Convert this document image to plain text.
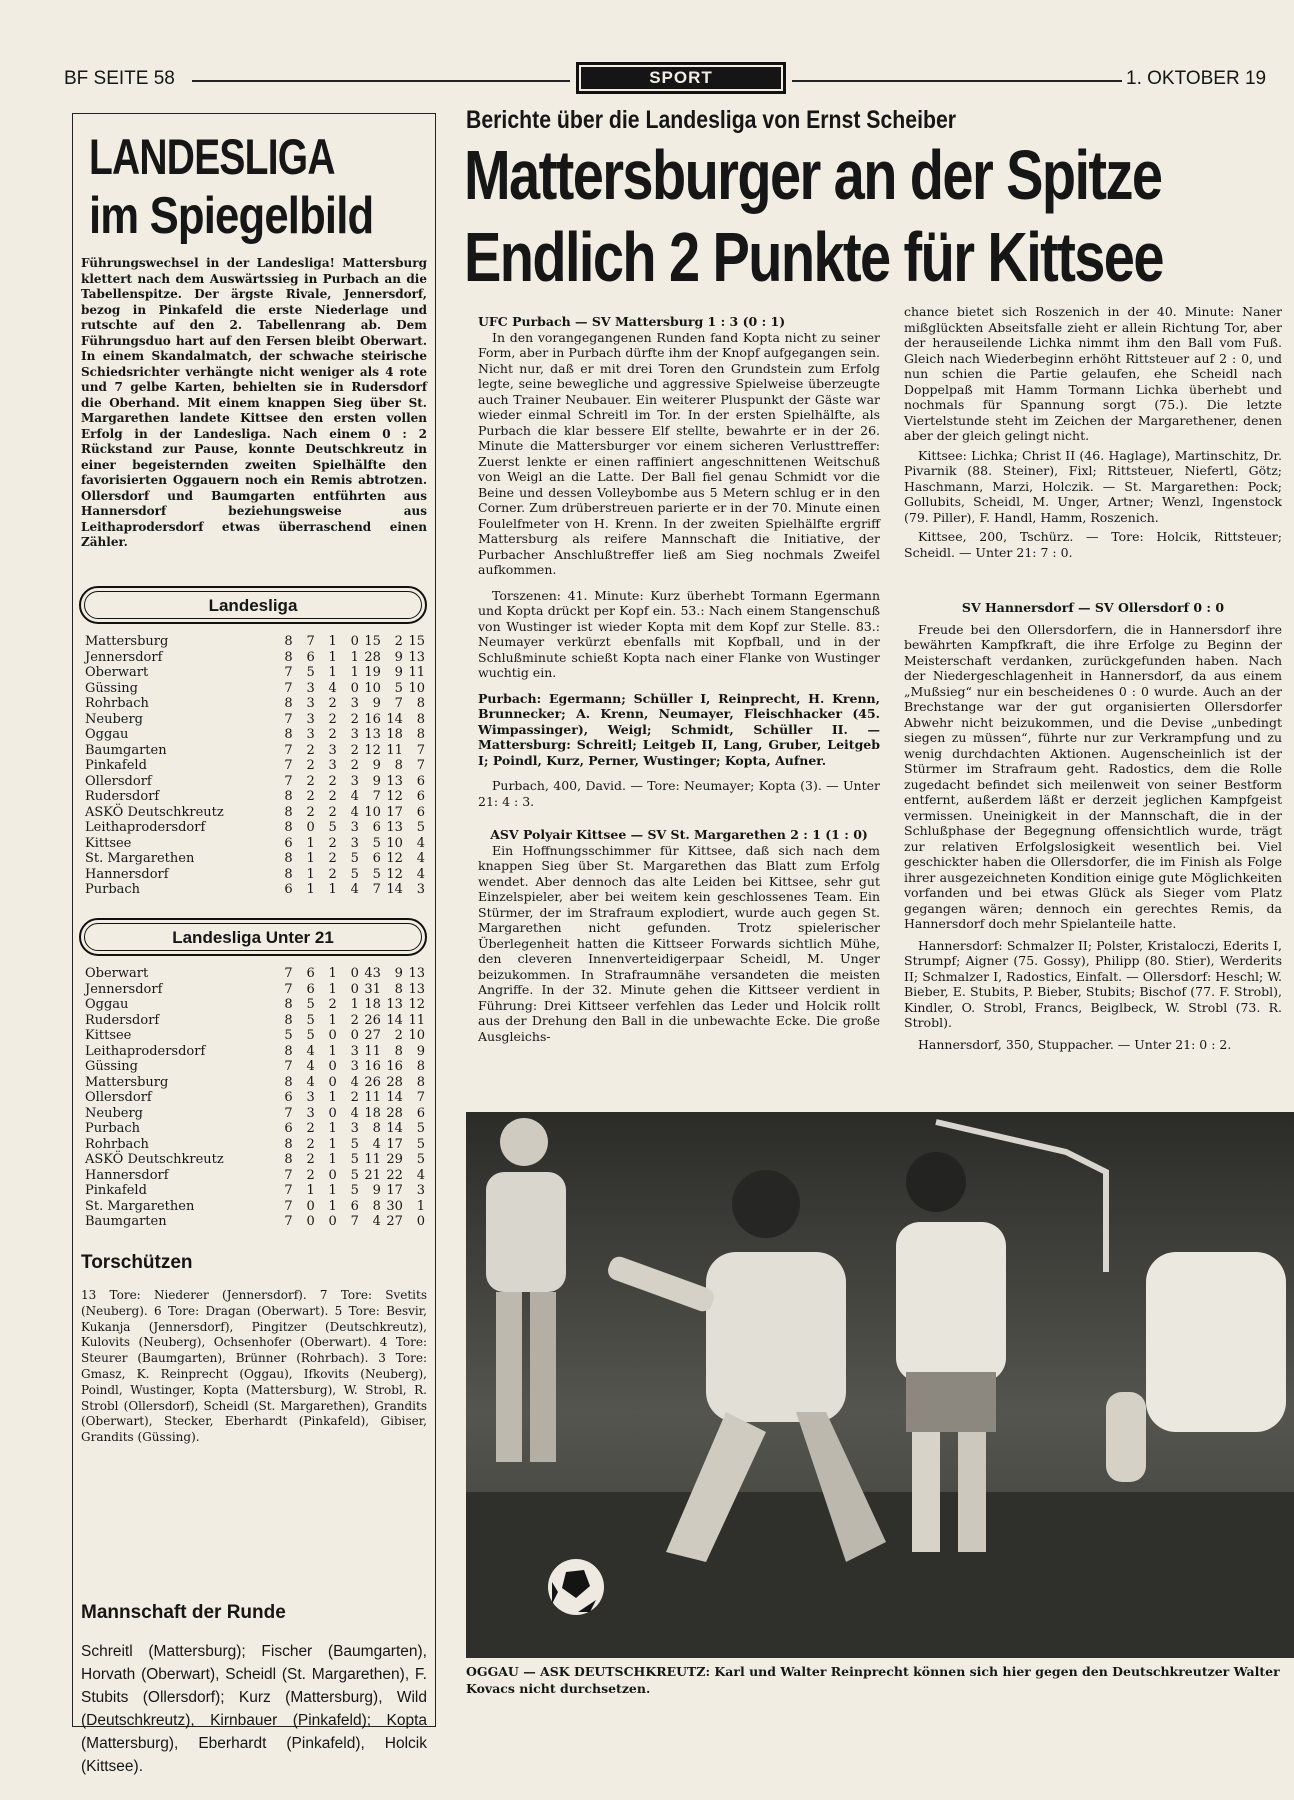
BF SEITE 58	SPORT	1. OKTOBER 19
LANDESLIGA
im Spiegelbild
Führungswechsel in der Landesliga! Mattersburg klettert nach dem Auswärtssieg in Purbach an die Tabellenspitze. Der ärgste Rivale, Jennersdorf, bezog in Pinkafeld die erste Niederlage und rutschte auf den 2. Tabellenrang ab. Dem Führungsduo hart auf den Fersen bleibt Oberwart. In einem Skandalmatch, der schwache steirische Schiedsrichter verhängte nicht weniger als 4 rote und 7 gelbe Karten, behielten sie in Rudersdorf die Oberhand. Mit einem knappen Sieg über St. Margarethen landete Kittsee den ersten vollen Erfolg in der Landesliga. Nach einem 0 : 2 Rückstand zur Pause, konnte Deutschkreutz in einer begeisternden zweiten Spielhälfte den favorisierten Oggauern noch ein Remis abtrotzen. Ollersdorf und Baumgarten entführten aus Hannersdorf beziehungsweise aus Leithaprodersdorf etwas überraschend einen Zähler.
Landesliga
Mattersburg	8	7	1	0	15	2	15
Jennersdorf	8	6	1	1	28	9	13
Oberwart	7	5	1	1	19	9	11
Güssing	7	3	4	0	10	5	10
Rohrbach	8	3	2	3	9	7	8
Neuberg	7	3	2	2	16	14	8
Oggau	8	3	2	3	13	18	8
Baumgarten	7	2	3	2	12	11	7
Pinkafeld	7	2	3	2	9	8	7
Ollersdorf	7	2	2	3	9	13	6
Rudersdorf	8	2	2	4	7	12	6
ASKÖ Deutschkreutz	8	2	2	4	10	17	6
Leithaprodersdorf	8	0	5	3	6	13	5
Kittsee	6	1	2	3	5	10	4
St. Margarethen	8	1	2	5	6	12	4
Hannersdorf	8	1	2	5	5	12	4
Purbach	6	1	1	4	7	14	3
Landesliga Unter 21
Oberwart	7	6	1	0	43	9	13
Jennersdorf	7	6	1	0	31	8	13
Oggau	8	5	2	1	18	13	12
Rudersdorf	8	5	1	2	26	14	11
Kittsee	5	5	0	0	27	2	10
Leithaprodersdorf	8	4	1	3	11	8	9
Güssing	7	4	0	3	16	16	8
Mattersburg	8	4	0	4	26	28	8
Ollersdorf	6	3	1	2	11	14	7
Neuberg	7	3	0	4	18	28	6
Purbach	6	2	1	3	8	14	5
Rohrbach	8	2	1	5	4	17	5
ASKÖ Deutschkreutz	8	2	1	5	11	29	5
Hannersdorf	7	2	0	5	21	22	4
Pinkafeld	7	1	1	5	9	17	3
St. Margarethen	7	0	1	6	8	30	1
Baumgarten	7	0	0	7	4	27	0
Torschützen
13 Tore: Niederer (Jennersdorf). 7 Tore: Svetits (Neuberg). 6 Tore: Dragan (Oberwart). 5 Tore: Besvir, Kukanja (Jennersdorf), Pingitzer (Deutschkreutz), Kulovits (Neuberg), Ochsenhofer (Oberwart). 4 Tore: Steurer (Baumgarten), Brünner (Rohrbach). 3 Tore: Gmasz, K. Reinprecht (Oggau), Ifkovits (Neuberg), Poindl, Wustinger, Kopta (Mattersburg), W. Strobl, R. Strobl (Ollersdorf), Scheidl (St. Margarethen), Grandits (Oberwart), Stecker, Eberhardt (Pinkafeld), Gibiser, Grandits (Güssing).
Mannschaft der Runde
Schreitl (Mattersburg); Fischer (Baumgarten), Horvath (Oberwart), Scheidl (St. Margarethen), F. Stubits (Ollersdorf); Kurz (Mattersburg), Wild (Deutschkreutz), Kirnbauer (Pinkafeld); Kopta (Mattersburg), Eberhardt (Pinkafeld), Holcik (Kittsee).
Berichte über die Landesliga von Ernst Scheiber
Mattersburger an der Spitze
Endlich 2 Punkte für Kittsee

UFC Purbach — SV Mattersburg 1 : 3 (0 : 1)

In den vorangegangenen Runden fand Kopta nicht zu seiner Form, aber in Purbach dürfte ihm der Knopf aufgegangen sein. Nicht nur, daß er mit drei Toren den Grundstein zum Erfolg legte, seine bewegliche und aggressive Spielweise überzeugte auch Trainer Neubauer. Ein weiterer Pluspunkt der Gäste war wieder einmal Schreitl im Tor. In der ersten Spielhälfte, als Purbach die klar bessere Elf stellte, bewahrte er in der 26. Minute die Mattersburger vor einem sicheren Verlusttreffer: Zuerst lenkte er einen raffiniert angeschnittenen Weitschuß von Weigl an die Latte. Der Ball fiel genau Schmidt vor die Beine und dessen Volleybombe aus 5 Metern schlug er in den Corner. Zum drüberstreuen parierte er in der 70. Minute einen Foulelfmeter von H. Krenn. In der zweiten Spielhälfte ergriff Mattersburg als reifere Mannschaft die Initiative, der Purbacher Anschlußtreffer ließ am Sieg nochmals Zweifel aufkommen.

Torszenen: 41. Minute: Kurz überhebt Tormann Egermann und Kopta drückt per Kopf ein. 53.: Nach einem Stangenschuß von Wustinger ist wieder Kopta mit dem Kopf zur Stelle. 83.: Neumayer verkürzt ebenfalls mit Kopfball, und in der Schlußminute schießt Kopta nach einer Flanke von Wustinger wuchtig ein.

Purbach: Egermann; Schüller I, Reinprecht, H. Krenn, Brunnecker; A. Krenn, Neumayer, Fleischhacker (45. Wimpassinger), Weigl; Schmidt, Schüller II. — Mattersburg: Schreitl; Leitgeb II, Lang, Gruber, Leitgeb I; Poindl, Kurz, Perner, Wustinger; Kopta, Aufner.

Purbach, 400, David. — Tore: Neumayer; Kopta (3). — Unter 21: 4 : 3.

ASV Polyair Kittsee — SV St. Margarethen 2 : 1 (1 : 0)

Ein Hoffnungsschimmer für Kittsee, daß sich nach dem knappen Sieg über St. Margarethen das Blatt zum Erfolg wendet. Aber dennoch das alte Leiden bei Kittsee, sehr gut Einzelspieler, aber bei weitem kein geschlossenes Team. Ein Stürmer, der im Strafraum explodiert, wurde auch gegen St. Margarethen nicht gefunden. Trotz spielerischer Überlegenheit hatten die Kittseer Forwards sichtlich Mühe, den cleveren Innenverteidigerpaar Scheidl, M. Unger beizukommen. In Strafraumnähe versandeten die meisten Angriffe. In der 32. Minute gehen die Kittseer verdient in Führung: Drei Kittseer verfehlen das Leder und Holcik rollt aus der Drehung den Ball in die unbewachte Ecke. Die große Ausgleichs-

chance bietet sich Roszenich in der 40. Minute: Naner mißglückten Abseitsfalle zieht er allein Richtung Tor, aber der herauseilende Lichka nimmt ihm den Ball vom Fuß. Gleich nach Wiederbeginn erhöht Rittsteuer auf 2 : 0, und nun schien die Partie gelaufen, ehe Scheidl nach Doppelpaß mit Hamm Tormann Lichka überhebt und nochmals für Spannung sorgt (75.). Die letzte Viertelstunde steht im Zeichen der Margarethener, denen aber der gleich gelingt nicht.

Kittsee: Lichka; Christ II (46. Haglage), Martinschitz, Dr. Pivarnik (88. Steiner), Fixl; Rittsteuer, Niefertl, Götz; Haschmann, Marzi, Holczik. — St. Margarethen: Pock; Gollubits, Scheidl, M. Unger, Artner; Wenzl, Ingenstock (79. Piller), F. Handl, Hamm, Roszenich.

Kittsee, 200, Tschürz. — Tore: Holcik, Rittsteuer; Scheidl. — Unter 21: 7 : 0.

SV Hannersdorf — SV Ollersdorf 0 : 0

Freude bei den Ollersdorfern, die in Hannersdorf ihre bewährten Kampfkraft, die ihre Erfolge zu Beginn der Meisterschaft verdanken, zurückgefunden haben. Nach der Niedergeschlagenheit in Hannersdorf, da aus einem „Mußsieg“ nur ein bescheidenes 0 : 0 wurde. Auch an der Brechstange war der gut organisierten Ollersdorfer Abwehr nicht beizukommen, und die Devise „unbedingt siegen zu müssen“, führte nur zur Verkrampfung und zu wenig durchdachten Aktionen. Augenscheinlich ist der Stürmer im Strafraum geht. Radostics, dem die Rolle zugedacht befindet sich meilenweit von seiner Bestform entfernt, außerdem läßt er derzeit jeglichen Kampfgeist vermissen. Uneinigkeit in der Mannschaft, die in der Schlußphase der Begegnung offensichtlich wurde, trägt zur relativen Erfolgslosigkeit wesentlich bei. Viel geschickter haben die Ollersdorfer, die im Finish als Folge ihrer ausgezeichneten Kondition einige gute Möglichkeiten vorfanden und bei etwas Glück als Sieger vom Platz gegangen wären; dennoch ein gerechtes Remis, da Hannersdorf doch mehr Spielanteile hatte.

Hannersdorf: Schmalzer II; Polster, Kristaloczi, Ederits I, Strumpf; Aigner (75. Gossy), Philipp (80. Stier), Werderits II; Schmalzer I, Radostics, Einfalt. — Ollersdorf: Heschl; W. Bieber, E. Stubits, P. Bieber, Stubits; Bischof (77. F. Strobl), Kindler, O. Strobl, Francs, Beiglbeck, W. Strobl (73. R. Strobl).

Hannersdorf, 350, Stuppacher. — Unter 21: 0 : 2.

OGGAU — ASK DEUTSCHKREUTZ: Karl und Walter Reinprecht können sich hier gegen den Deutschkreutzer Walter Kovacs nicht durchsetzen.
